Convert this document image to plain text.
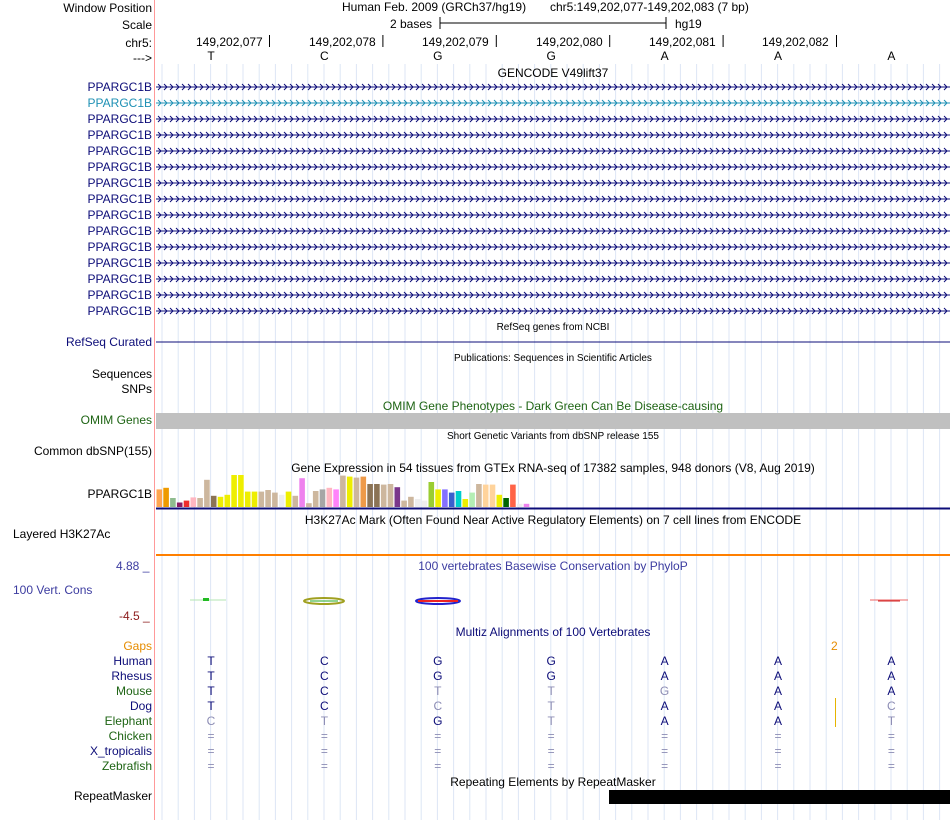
Window Position
Scale
chr5:
--->
Human Feb. 2009 (GRCh37/hg19) chr5:149,202,077-149,202,083 (7 bp)
2 bases	hg19
149,202,077	149,202,078	149,202,079	149,202,080	149,202,081	149,202,082
T	C	G	G	A	A	A
GENCODE V49lift37
PPARGC1B
PPARGC1B
PPARGC1B
PPARGC1B
PPARGC1B
PPARGC1B
PPARGC1B
PPARGC1B
PPARGC1B
PPARGC1B
PPARGC1B
PPARGC1B
PPARGC1B
PPARGC1B
PPARGC1B
RefSeq genes from NCBI
RefSeq Curated
Publications: Sequences in Scientific Articles
Sequences
SNPs
OMIM Gene Phenotypes - Dark Green Can Be Disease-causing
OMIM Genes
Short Genetic Variants from dbSNP release 155
Common dbSNP(155)
Gene Expression in 54 tissues from GTEx RNA-seq of 17382 samples, 948 donors (V8, Aug 2019)
PPARGC1B
H3K27Ac Mark (Often Found Near Active Regulatory Elements) on 7 cell lines from ENCODE
Layered H3K27Ac
100 vertebrates Basewise Conservation by PhyloP
4.88 _
100 Vert. Cons
-4.5 _
Multiz Alignments of 100 Vertebrates
Gaps	2
Human	T	C	G	G	A	A	A
Rhesus	T	C	G	G	A	A	A
Mouse	T	C	T	T	G	A	A
Dog	T	C	C	T	A	A	C
Elephant	C	T	G	T	A	A	T
Chicken	=	=	=	=	=	=	=
X_tropicalis	=	=	=	=	=	=	=
Zebrafish	=	=	=	=	=	=	=
Repeating Elements by RepeatMasker
RepeatMasker
